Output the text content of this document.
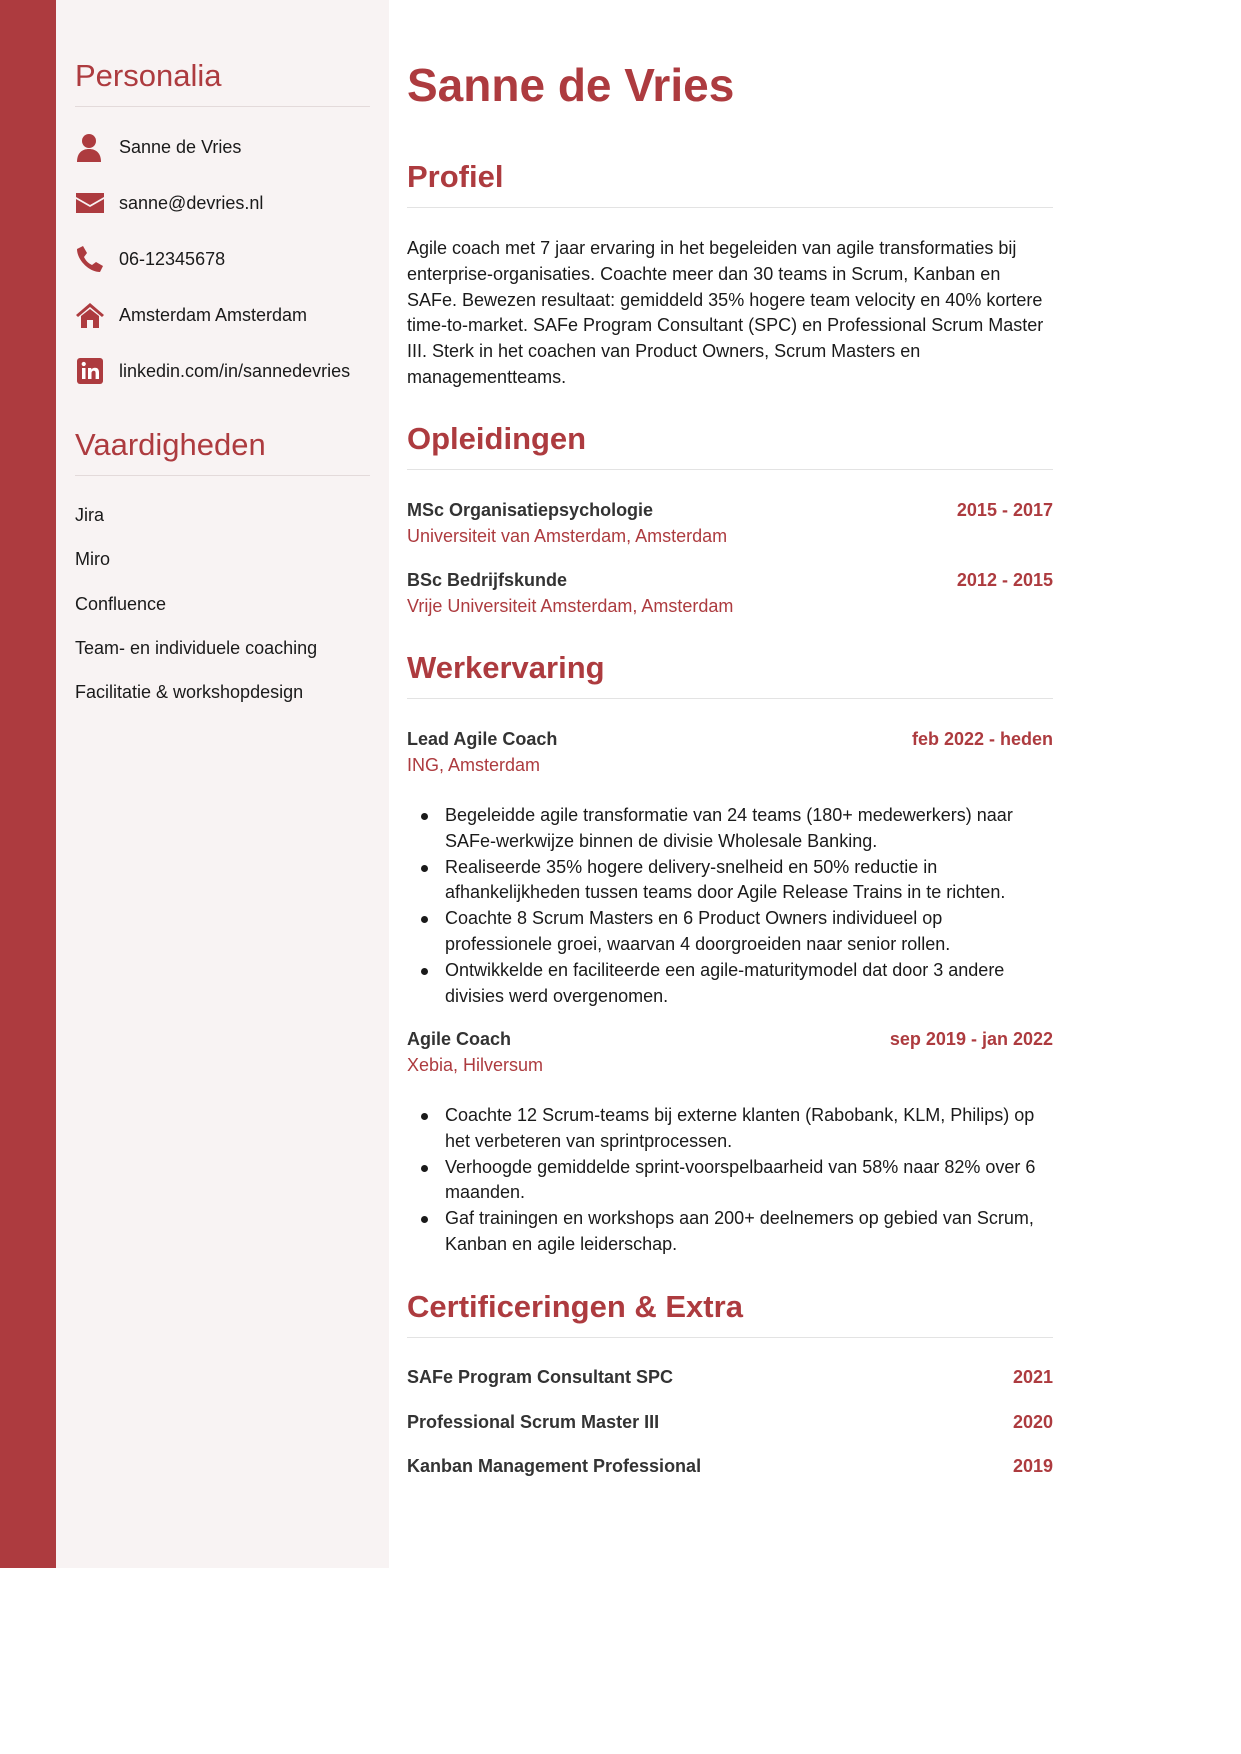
Personalia
Sanne de Vries
sanne@devries.nl
06-12345678
Amsterdam Amsterdam
linkedin.com/in/sannedevries
Vaardigheden
Jira
Miro
Confluence
Team- en individuele coaching
Facilitatie & workshopdesign
Sanne de Vries
Profiel

Agile coach met 7 jaar ervaring in het begeleiden van agile transformaties bij enterprise-organisaties. Coachte meer dan 30 teams in Scrum, Kanban en SAFe. Bewezen resultaat: gemiddeld 35% hogere team velocity en 40% kortere time-to-market. SAFe Program Consultant (SPC) en Professional Scrum Master III. Sterk in het coachen van Product Owners, Scrum Masters en managementteams.

Opleidingen
MSc Organisatiepsychologie	2015 - 2017
Universiteit van Amsterdam, Amsterdam
BSc Bedrijfskunde	2012 - 2015
Vrije Universiteit Amsterdam, Amsterdam
Werkervaring
Lead Agile Coach	feb 2022 - heden
ING, Amsterdam
Begeleidde agile transformatie van 24 teams (180+ medewerkers) naar SAFe-werkwijze binnen de divisie Wholesale Banking.
Realiseerde 35% hogere delivery-snelheid en 50% reductie in afhankelijkheden tussen teams door Agile Release Trains in te richten.
Coachte 8 Scrum Masters en 6 Product Owners individueel op professionele groei, waarvan 4 doorgroeiden naar senior rollen.
Ontwikkelde en faciliteerde een agile-maturitymodel dat door 3 andere divisies werd overgenomen.
Agile Coach	sep 2019 - jan 2022
Xebia, Hilversum
Coachte 12 Scrum-teams bij externe klanten (Rabobank, KLM, Philips) op het verbeteren van sprintprocessen.
Verhoogde gemiddelde sprint-voorspelbaarheid van 58% naar 82% over 6 maanden.
Gaf trainingen en workshops aan 200+ deelnemers op gebied van Scrum, Kanban en agile leiderschap.
Certificeringen & Extra
SAFe Program Consultant SPC	2021
Professional Scrum Master III	2020
Kanban Management Professional	2019
